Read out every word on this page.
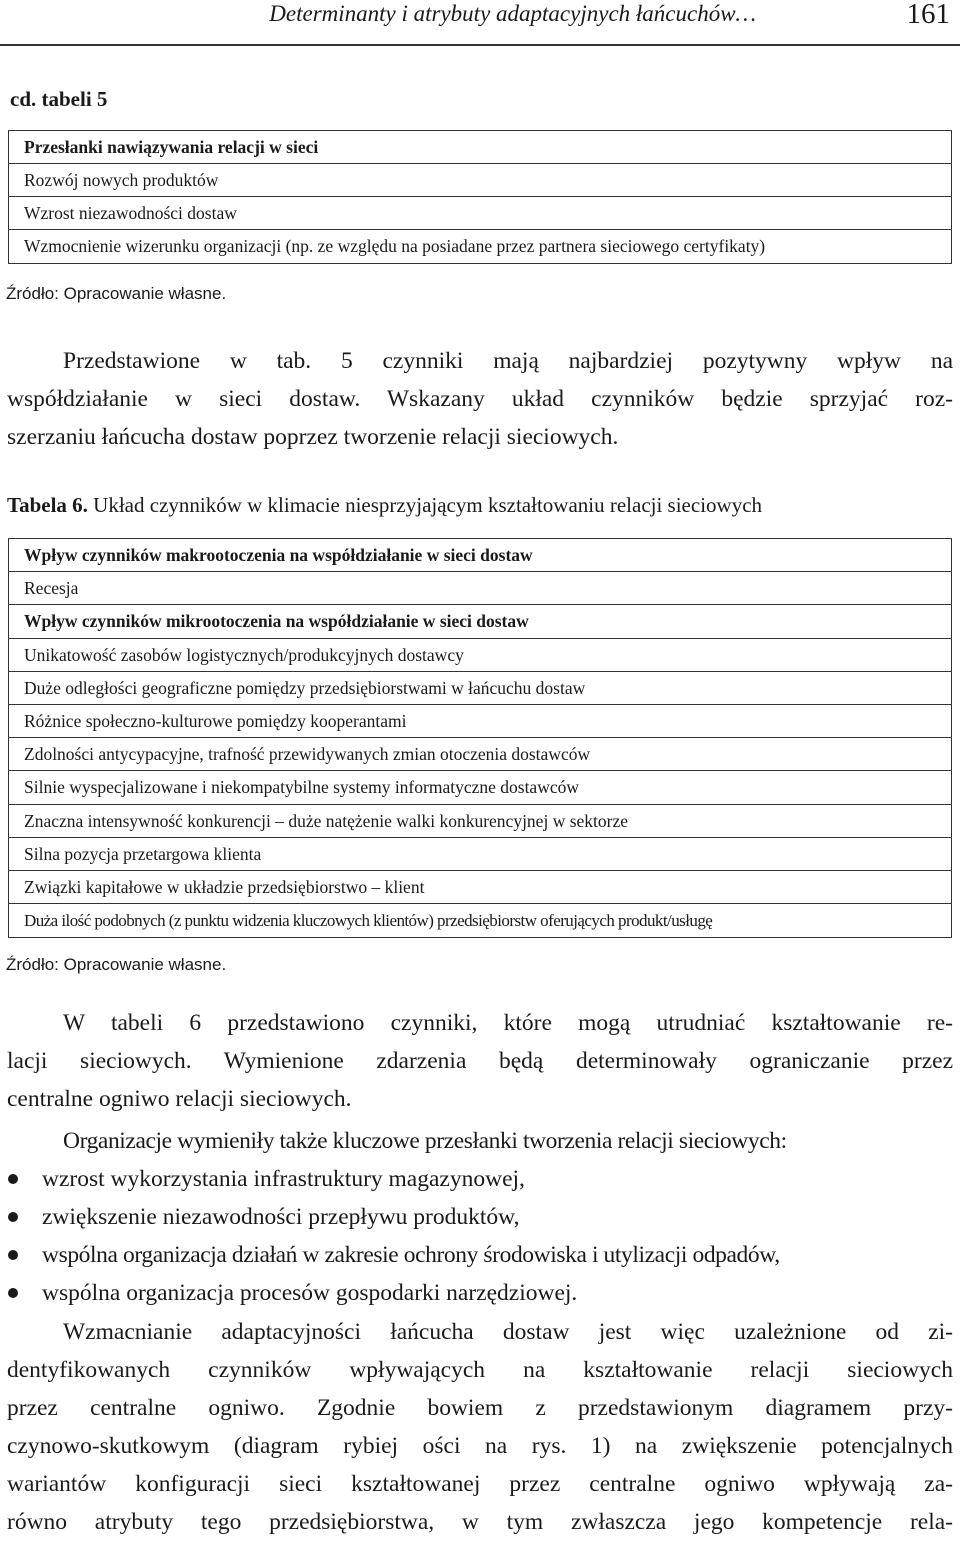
Determinanty i atrybuty adaptacyjnych łańcuchów…	161
cd. tabeli 5
Przesłanki nawiązywania relacji w sieci
Rozwój nowych produktów
Wzrost niezawodności dostaw
Wzmocnienie wizerunku organizacji (np. ze względu na posiadane przez partnera sieciowego certyfikaty)
Źródło: Opracowanie własne.

Przedstawione w tab. 5 czynniki mają najbardziej pozytywny wpływ na
współdziałanie w sieci dostaw. Wskazany układ czynników będzie sprzyjać roz-
szerzaniu łańcucha dostaw poprzez tworzenie relacji sieciowych.

Tabela 6. Układ czynników w klimacie niesprzyjającym kształtowaniu relacji sieciowych
Wpływ czynników makrootoczenia na współdziałanie w sieci dostaw
Recesja
Wpływ czynników mikrootoczenia na współdziałanie w sieci dostaw
Unikatowość zasobów logistycznych/produkcyjnych dostawcy
Duże odległości geograficzne pomiędzy przedsiębiorstwami w łańcuchu dostaw
Różnice społeczno-kulturowe pomiędzy kooperantami
Zdolności antycypacyjne, trafność przewidywanych zmian otoczenia dostawców
Silnie wyspecjalizowane i niekompatybilne systemy informatyczne dostawców
Znaczna intensywność konkurencji – duże natężenie walki konkurencyjnej w sektorze
Silna pozycja przetargowa klienta
Związki kapitałowe w układzie przedsiębiorstwo – klient
Duża ilość podobnych (z punktu widzenia kluczowych klientów) przedsiębiorstw oferujących produkt/usługę
Źródło: Opracowanie własne.

W tabeli 6 przedstawiono czynniki, które mogą utrudniać kształtowanie re-
lacji sieciowych. Wymienione zdarzenia będą determinowały ograniczanie przez
centralne ogniwo relacji sieciowych.

Organizacje wymieniły także kluczowe przesłanki tworzenia relacji sieciowych:

wzrost wykorzystania infrastruktury magazynowej,
zwiększenie niezawodności przepływu produktów,
wspólna organizacja działań w zakresie ochrony środowiska i utylizacji odpadów,
wspólna organizacja procesów gospodarki narzędziowej.

Wzmacnianie adaptacyjności łańcucha dostaw jest więc uzależnione od zi-
dentyfikowanych czynników wpływających na kształtowanie relacji sieciowych
przez centralne ogniwo. Zgodnie bowiem z przedstawionym diagramem przy-
czynowo-skutkowym (diagram rybiej ości na rys. 1) na zwiększenie potencjalnych
wariantów konfiguracji sieci kształtowanej przez centralne ogniwo wpływają za-
równo atrybuty tego przedsiębiorstwa, w tym zwłaszcza jego kompetencje rela-
